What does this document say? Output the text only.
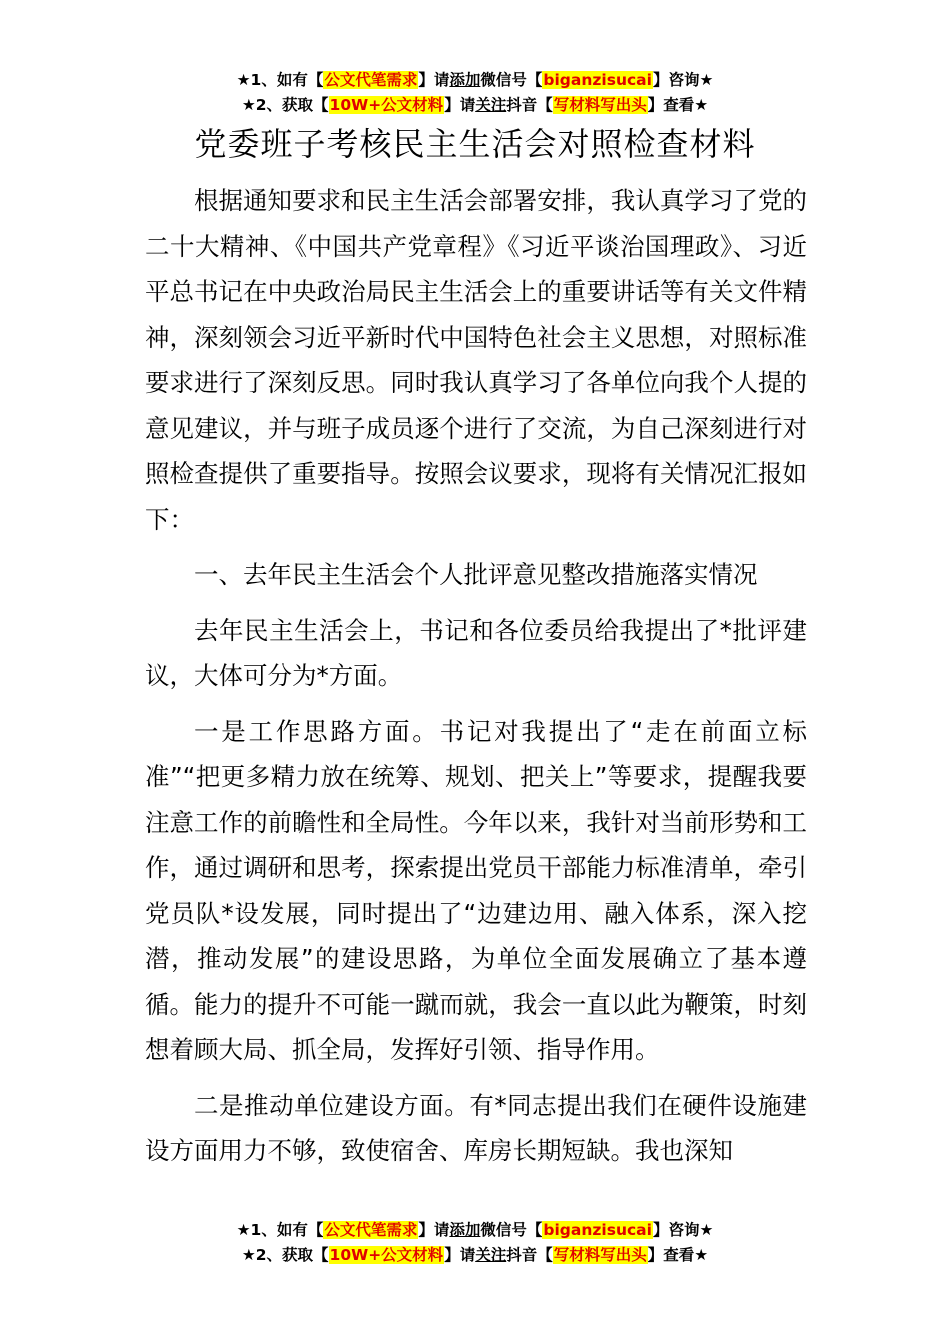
★1、如有【公文代笔需求】请添加微信号【biganzisucai】咨询★
★2、获取【10W+公文材料】请关注抖音【写材料写出头】查看★
党委班子考核民主生活会对照检查材料

根据通知要求和民主生活会部署安排，我认真学习了党的二十大精神、《中国共产党章程》《习近平谈治国理政》、习近平总书记在中央政治局民主生活会上的重要讲话等有关文件精神，深刻领会习近平新时代中国特色社会主义思想，对照标准要求进行了深刻反思。同时我认真学习了各单位向我个人提的意见建议，并与班子成员逐个进行了交流，为自己深刻进行对照检查提供了重要指导。按照会议要求，现将有关情况汇报如下：

一、去年民主生活会个人批评意见整改措施落实情况

去年民主生活会上，书记和各位委员给我提出了*批评建议，大体可分为*方面。

一是工作思路方面。书记对我提出了“走在前面立标准”“把更多精力放在统筹、规划、把关上”等要求，提醒我要注意工作的前瞻性和全局性。今年以来，我针对当前形势和工作，通过调研和思考，探索提出党员干部能力标准清单，牵引党员队*设发展，同时提出了“边建边用、融入体系，深入挖潜，推动发展”的建设思路，为单位全面发展确立了基本遵循。能力的提升不可能一蹴而就，我会一直以此为鞭策，时刻想着顾大局、抓全局，发挥好引领、指导作用。

二是推动单位建设方面。有*同志提出我们在硬件设施建设方面用力不够，致使宿舍、库房长期短缺。我也深知

★1、如有【公文代笔需求】请添加微信号【biganzisucai】咨询★
★2、获取【10W+公文材料】请关注抖音【写材料写出头】查看★
